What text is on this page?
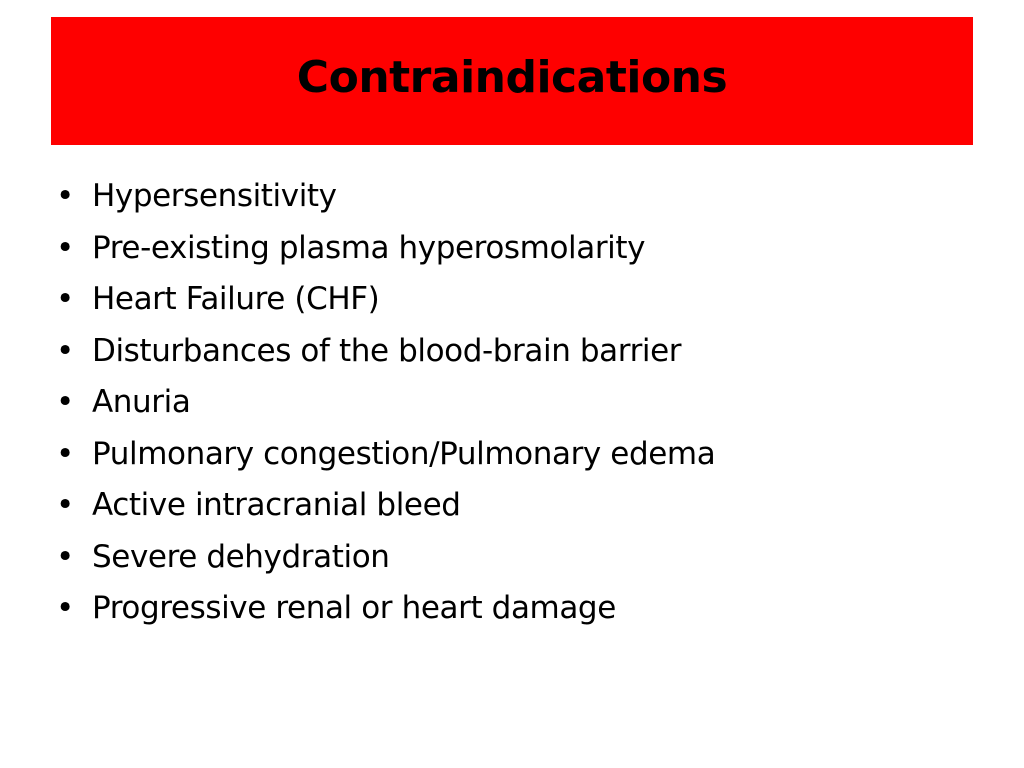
Contraindications
• Hypersensitivity
• Pre-existing plasma hyperosmolarity
• Heart Failure (CHF)
• Disturbances of the blood-brain barrier
• Anuria
• Pulmonary congestion/Pulmonary edema
• Active intracranial bleed
• Severe dehydration
• Progressive renal or heart damage
